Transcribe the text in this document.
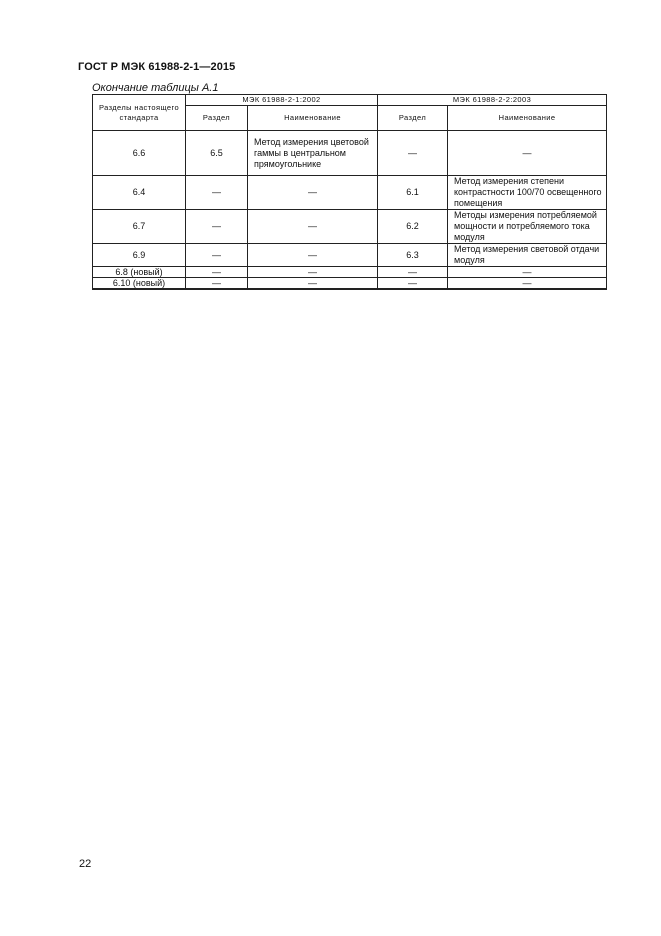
ГОСТ Р МЭК 61988-2-1—2015
Окончание таблицы А.1
Разделы настоящего стандарта	МЭК 61988-2-1:2002		МЭК 61988-2-2:2003	
	Раздел	Наименование	Раздел	Наименование
6.6	6.5	Метод измерения цветовой гаммы в центральном прямоугольнике	—	—
6.4	—	—	6.1	Метод измерения степени контрастности 100/70 освещенного помещения
6.7	—	—	6.2	Методы измерения потребляемой мощности и потребляемого тока модуля
6.9	—	—	6.3	Метод измерения световой отдачи модуля
6.8 (новый)	—	—	—	—
6.10 (новый)	—	—	—	—
22
